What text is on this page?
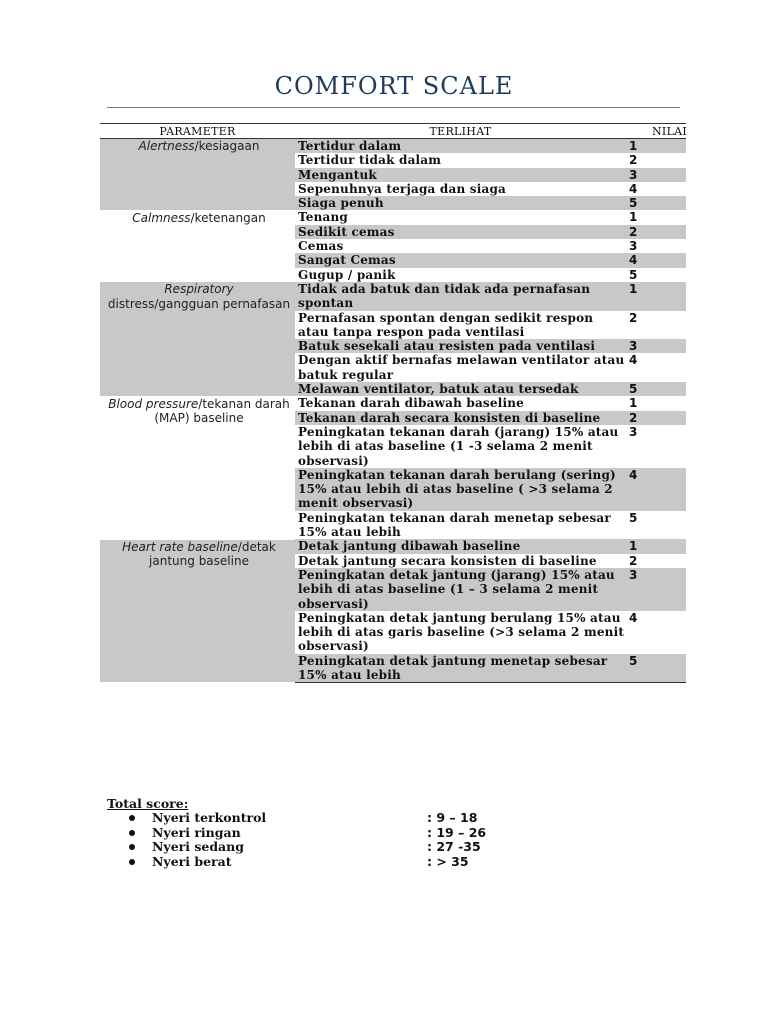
COMFORT SCALE
PARAMETER	TERLIHAT	NILAI
Alertness/kesiagaan	Tertidur dalam	1
	Tertidur tidak dalam	2
	Mengantuk	3
	Sepenuhnya terjaga dan siaga	4
	Siaga penuh	5
Calmness/ketenangan	Tenang	1
	Sedikit cemas	2
	Cemas	3
	Sangat Cemas	4
	Gugup / panik	5
Respiratory
distress/gangguan pernafasan	Tidak ada batuk dan tidak ada pernafasan spontan	1
	Pernafasan spontan dengan sedikit respon atau tanpa respon pada ventilasi	2
	Batuk sesekali atau resisten pada ventilasi	3
	Dengan aktif bernafas melawan ventilator atau batuk regular	4
	Melawan ventilator, batuk atau tersedak	5
Blood pressure/tekanan darah (MAP) baseline	Tekanan darah dibawah baseline	1
	Tekanan darah secara konsisten di baseline	2
	Peningkatan tekanan darah (jarang) 15% atau lebih di atas baseline (1 -3 selama 2 menit observasi)	3
	Peningkatan tekanan darah berulang (sering) 15% atau lebih di atas baseline ( >3 selama 2 menit observasi)	4
	Peningkatan tekanan darah menetap sebesar 15% atau lebih	5
Heart rate baseline/detak jantung baseline	Detak jantung dibawah baseline	1
	Detak jantung secara konsisten di baseline	2
	Peningkatan detak jantung (jarang) 15% atau lebih di atas baseline (1 – 3 selama 2 menit observasi)	3
	Peningkatan detak jantung berulang 15% atau lebih di atas garis baseline (>3 selama 2 menit observasi)	4
	Peningkatan detak jantung menetap sebesar 15% atau lebih	5
Total score:
Nyeri terkontrol	: 9 – 18
Nyeri ringan	: 19 – 26
Nyeri sedang	: 27 -35
Nyeri berat	: > 35
